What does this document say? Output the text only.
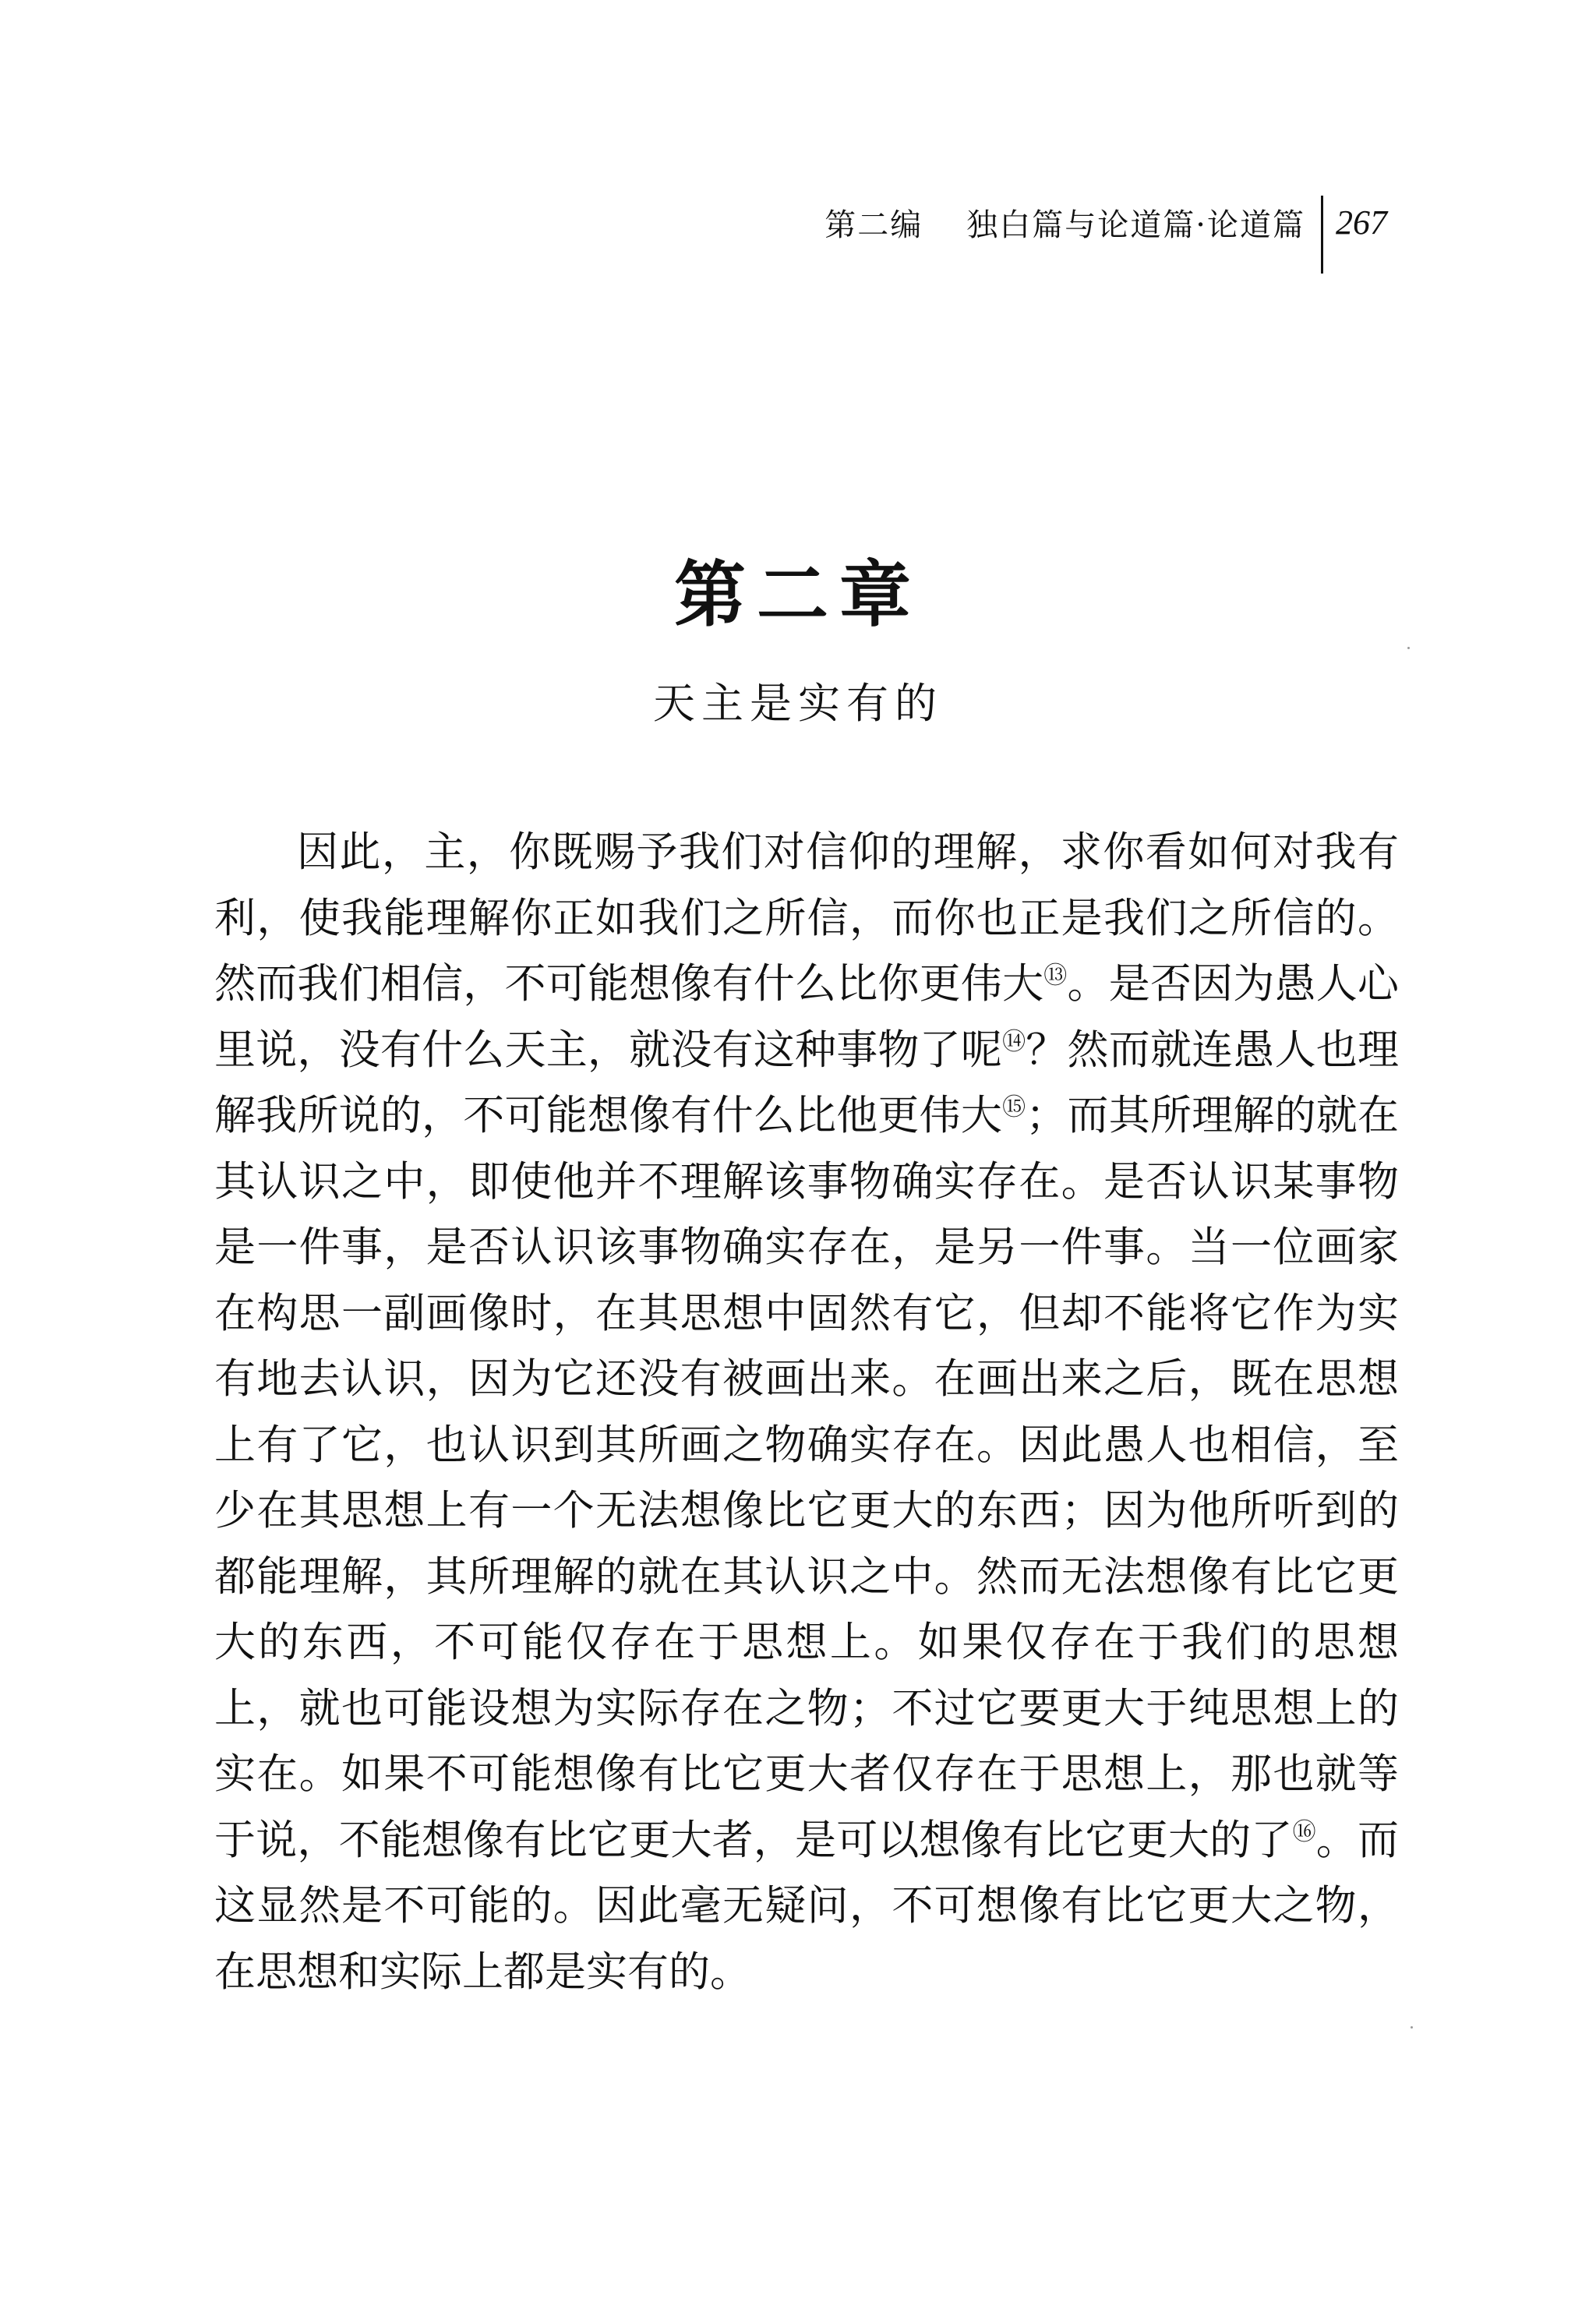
第二编 独白篇与论道篇·论道篇 267
第二章
天主是实有的

因此，主，你既赐予我们对信仰的理解，求你看如何对我有利，使我能理解你正如我们之所信，而你也正是我们之所信的。然而我们相信，不可能想像有什么比你更伟大⑬。是否因为愚人心里说，没有什么天主，就没有这种事物了呢⑭？然而就连愚人也理解我所说的，不可能想像有什么比他更伟大⑮；而其所理解的就在其认识之中，即使他并不理解该事物确实存在。是否认识某事物是一件事，是否认识该事物确实存在，是另一件事。当一位画家在构思一副画像时，在其思想中固然有它，但却不能将它作为实有地去认识，因为它还没有被画出来。在画出来之后，既在思想上有了它，也认识到其所画之物确实存在。因此愚人也相信，至少在其思想上有一个无法想像比它更大的东西；因为他所听到的都能理解，其所理解的就在其认识之中。然而无法想像有比它更大的东西，不可能仅存在于思想上。如果仅存在于我们的思想上，就也可能设想为实际存在之物；不过它要更大于纯思想上的实在。如果不可能想像有比它更大者仅存在于思想上，那也就等于说，不能想像有比它更大者，是可以想像有比它更大的了⑯。而这显然是不可能的。因此毫无疑问，不可想像有比它更大之物，在思想和实际上都是实有的。
